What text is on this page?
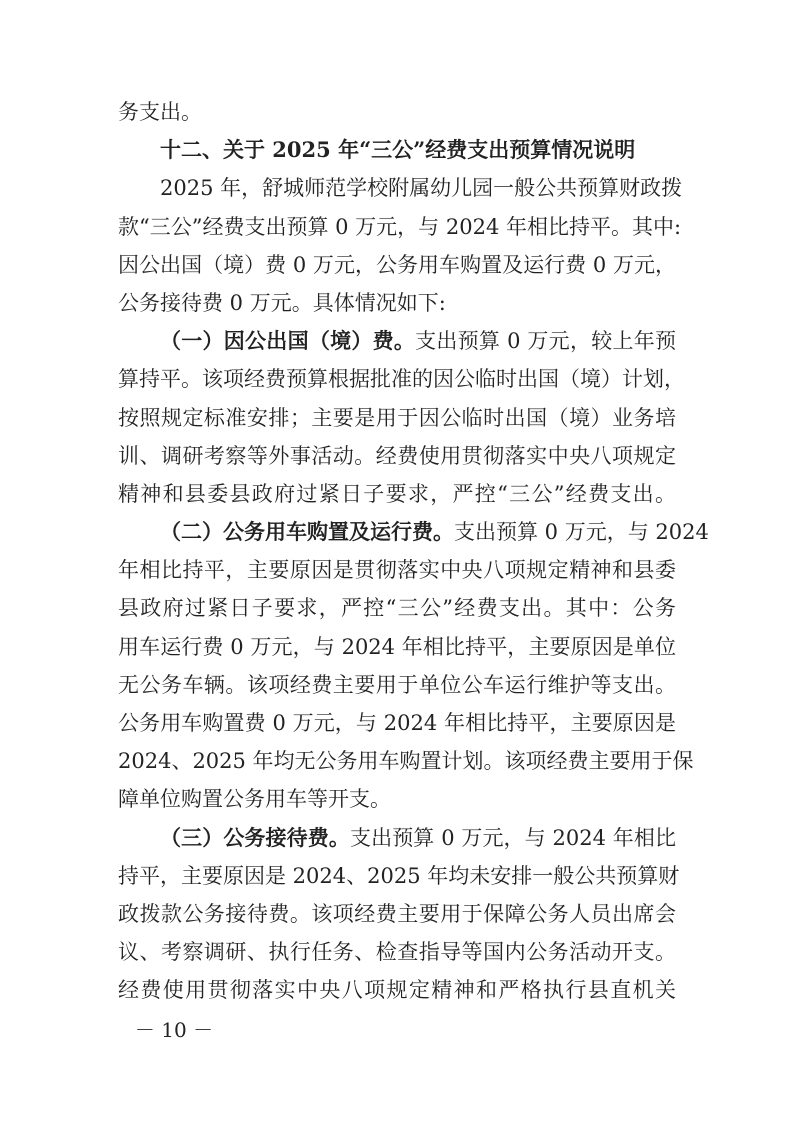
务支出。
十二、关于 2025 年“三公”经费支出预算情况说明
2025 年，舒城师范学校附属幼儿园一般公共预算财政拨
款“三公”经费支出预算 0 万元，与 2024 年相比持平。其中:
因公出国（境）费 0 万元，公务用车购置及运行费 0 万元，
公务接待费 0 万元。具体情况如下:
（一）因公出国（境）费。支出预算 0 万元，较上年预
算持平。该项经费预算根据批准的因公临时出国（境）计划，
按照规定标准安排；主要是用于因公临时出国（境）业务培
训、调研考察等外事活动。经费使用贯彻落实中央八项规定
精神和县委县政府过紧日子要求，严控“三公”经费支出。
（二）公务用车购置及运行费。支出预算 0 万元，与 2024
年相比持平，主要原因是贯彻落实中央八项规定精神和县委
县政府过紧日子要求，严控“三公”经费支出。其中：公务
用车运行费 0 万元，与 2024 年相比持平，主要原因是单位
无公务车辆。该项经费主要用于单位公车运行维护等支出。
公务用车购置费 0 万元，与 2024 年相比持平，主要原因是
2024、2025 年均无公务用车购置计划。该项经费主要用于保
障单位购置公务用车等开支。
（三）公务接待费。支出预算 0 万元，与 2024 年相比
持平，主要原因是 2024、2025 年均未安排一般公共预算财
政拨款公务接待费。该项经费主要用于保障公务人员出席会
议、考察调研、执行任务、检查指导等国内公务活动开支。
经费使用贯彻落实中央八项规定精神和严格执行县直机关
－ 10 －
